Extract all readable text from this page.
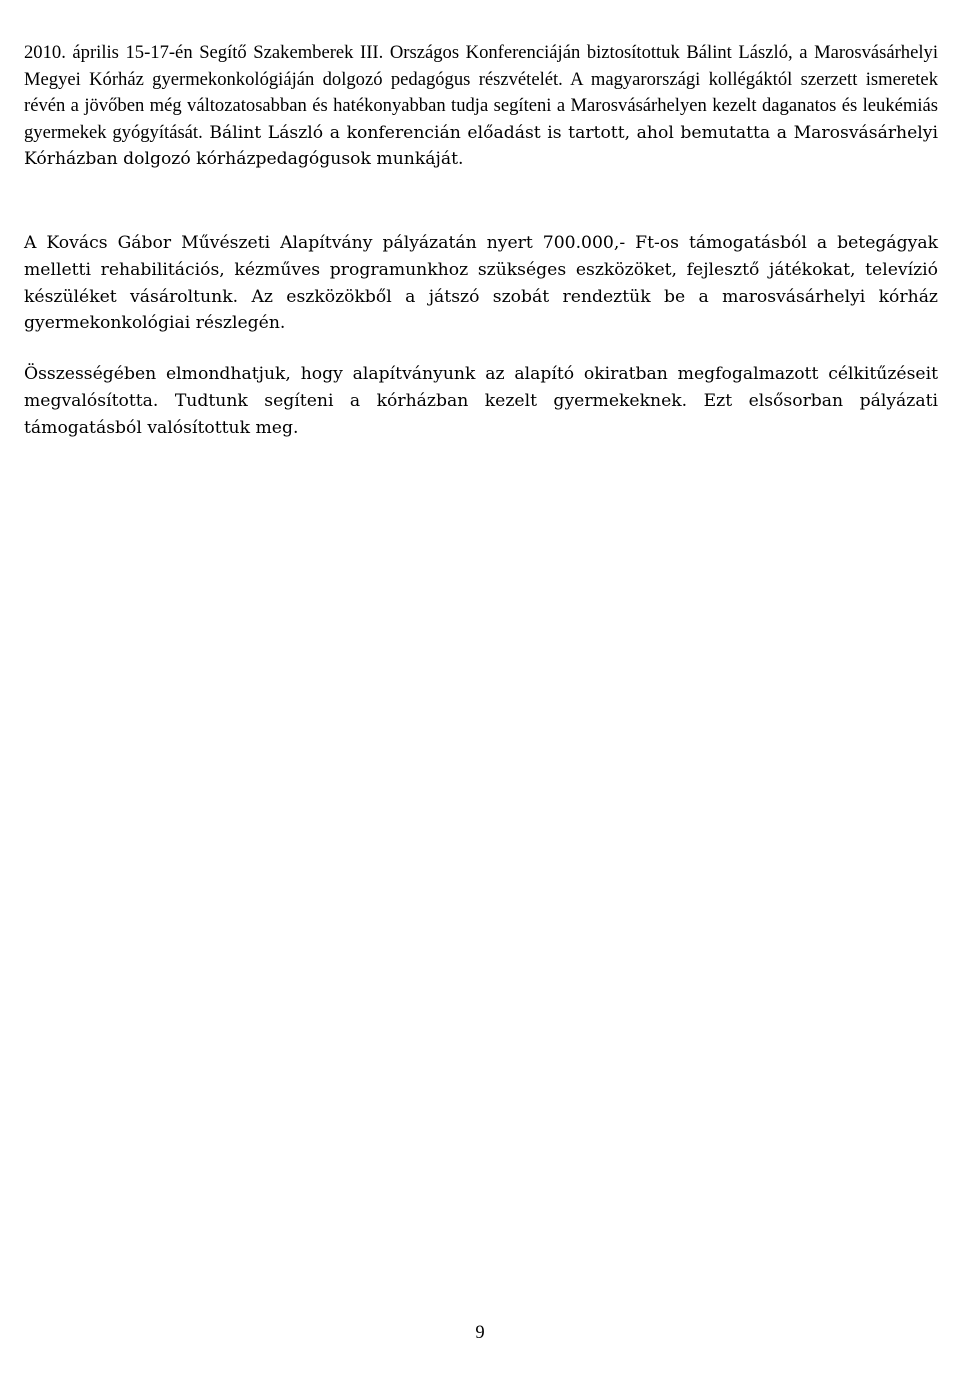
2010. április 15-17-én Segítő Szakemberek III. Országos Konferenciáján biztosítottuk Bálint László, a Marosvásárhelyi Megyei Kórház gyermekonkológiáján dolgozó pedagógus részvételét. A magyarországi kollégáktól szerzett ismeretek révén a jövőben még változatosabban és hatékonyabban tudja segíteni a Marosvásárhelyen kezelt daganatos és leukémiás gyermekek gyógyítását. Bálint László a konferencián előadást is tartott, ahol bemutatta a Marosvásárhelyi Kórházban dolgozó kórházpedagógusok munkáját.

A Kovács Gábor Művészeti Alapítvány pályázatán nyert 700.000,- Ft-os támogatásból a betegágyak melletti rehabilitációs, kézműves programunkhoz szükséges eszközöket, fejlesztő játékokat, televízió készüléket vásároltunk. Az eszközökből a játszó szobát rendeztük be a marosvásárhelyi kórház gyermekonkológiai részlegén.

Összességében elmondhatjuk, hogy alapítványunk az alapító okiratban megfogalmazott célkitűzéseit megvalósította. Tudtunk segíteni a kórházban kezelt gyermekeknek. Ezt elsősorban pályázati támogatásból valósítottuk meg.

9
